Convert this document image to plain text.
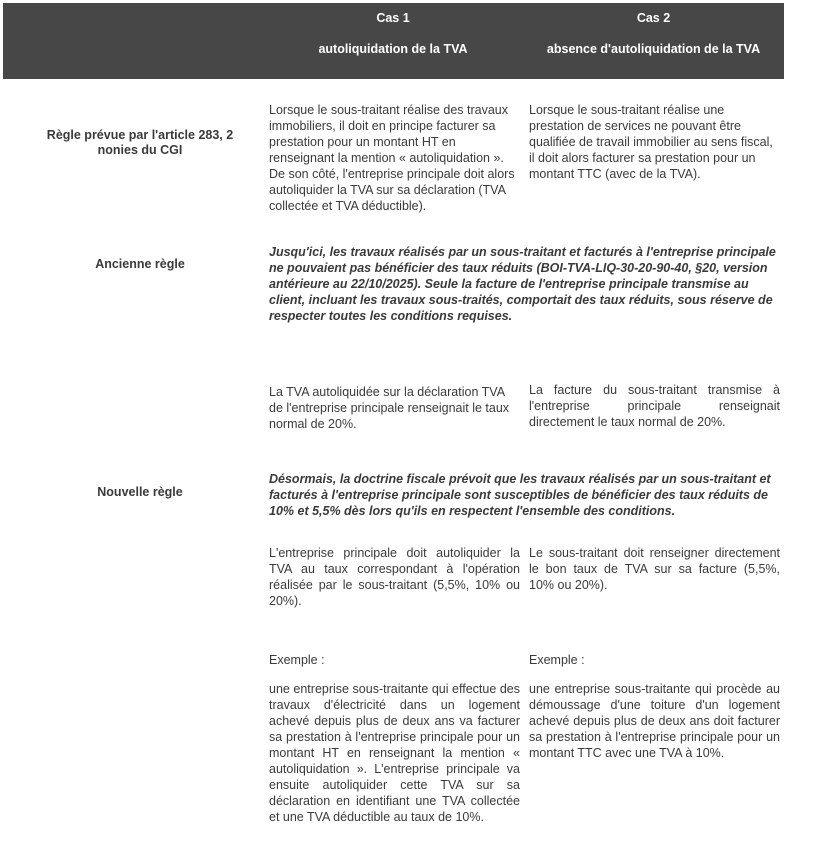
Cas 1
autoliquidation de la TVA
Cas 2
absence d'autoliquidation de la TVA
Règle prévue par l'article 283, 2 nonies du CGI
Lorsque le sous-traitant réalise des travaux immobiliers, il doit en principe facturer sa prestation pour un montant HT en renseignant la mention « autoliquidation ». De son côté, l'entreprise principale doit alors autoliquider la TVA sur sa déclaration (TVA collectée et TVA déductible).
Lorsque le sous-traitant réalise une prestation de services ne pouvant être qualifiée de travail immobilier au sens fiscal, il doit alors facturer sa prestation pour un montant TTC (avec de la TVA).
Ancienne règle
Jusqu'ici, les travaux réalisés par un sous-traitant et facturés à l'entreprise principale ne pouvaient pas bénéficier des taux réduits (BOI-TVA-LIQ-30-20-90-40, §20, version antérieure au 22/10/2025). Seule la facture de l'entreprise principale transmise au client, incluant les travaux sous-traités, comportait des taux réduits, sous réserve de respecter toutes les conditions requises.
La TVA autoliquidée sur la déclaration TVA de l'entreprise principale renseignait le taux normal de 20%.
La facture du sous-traitant transmise à l'entreprise principale renseignait directement le taux normal de 20%.
Nouvelle règle
Désormais, la doctrine fiscale prévoit que les travaux réalisés par un sous-traitant et facturés à l'entreprise principale sont susceptibles de bénéficier des taux réduits de 10% et 5,5% dès lors qu'ils en respectent l'ensemble des conditions.
L'entreprise principale doit autoliquider la TVA au taux correspondant à l'opération réalisée par le sous-traitant (5,5%, 10% ou 20%).
Le sous-traitant doit renseigner directement le bon taux de TVA sur sa facture (5,5%, 10% ou 20%).
Exemple :	Exemple :
une entreprise sous-traitante qui effectue des travaux d'électricité dans un logement achevé depuis plus de deux ans va facturer sa prestation à l'entreprise principale pour un montant HT en renseignant la mention « autoliquidation ». L'entreprise principale va ensuite autoliquider cette TVA sur sa déclaration en identifiant une TVA collectée et une TVA déductible au taux de 10%.
une entreprise sous-traitante qui procède au démoussage d'une toiture d'un logement achevé depuis plus de deux ans doit facturer sa prestation à l'entreprise principale pour un montant TTC avec une TVA à 10%.
